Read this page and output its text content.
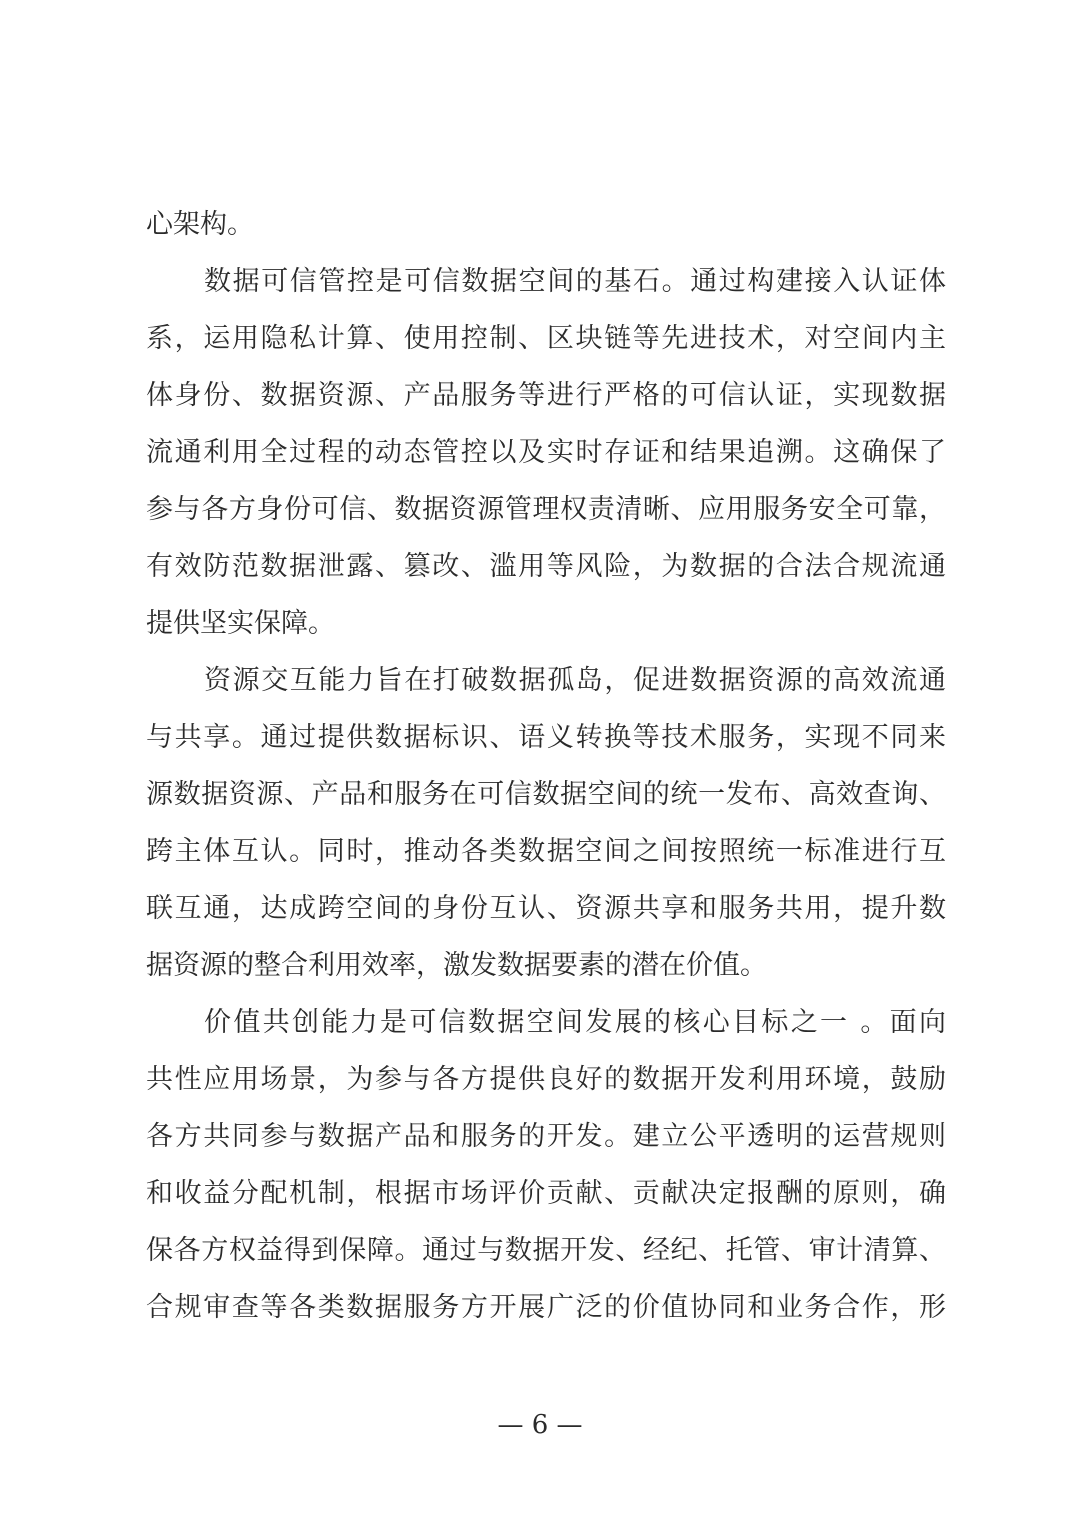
心架构。
数据可信管控是可信数据空间的基石。通过构建接入认证体
系，运用隐私计算、使用控制、区块链等先进技术，对空间内主
体身份、数据资源、产品服务等进行严格的可信认证，实现数据
流通利用全过程的动态管控以及实时存证和结果追溯。这确保了
参与各方身份可信、数据资源管理权责清晰、应用服务安全可靠，
有效防范数据泄露、篡改、滥用等风险，为数据的合法合规流通
提供坚实保障。
资源交互能力旨在打破数据孤岛，促进数据资源的高效流通
与共享。通过提供数据标识、语义转换等技术服务，实现不同来
源数据资源、产品和服务在可信数据空间的统一发布、高效查询、
跨主体互认。同时，推动各类数据空间之间按照统一标准进行互
联互通，达成跨空间的身份互认、资源共享和服务共用，提升数
据资源的整合利用效率，激发数据要素的潜在价值。
价值共创能力是可信数据空间发展的核心目标之一 。面向
共性应用场景，为参与各方提供良好的数据开发利用环境，鼓励
各方共同参与数据产品和服务的开发。建立公平透明的运营规则
和收益分配机制，根据市场评价贡献、贡献决定报酬的原则，确
保各方权益得到保障。通过与数据开发、经纪、托管、审计清算、
合规审查等各类数据服务方开展广泛的价值协同和业务合作，形
— 6 —
